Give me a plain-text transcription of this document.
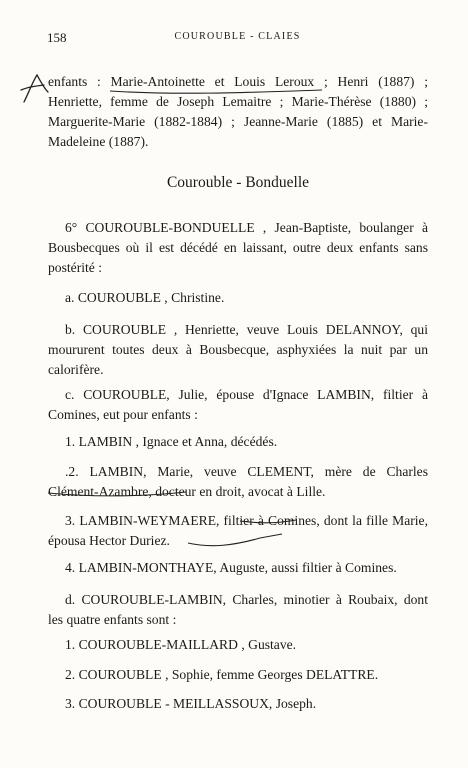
158	COUROUBLE - CLAIES

enfants : Marie-Antoinette et Louis Leroux ; Henri (1887) ; Henriette, femme de Joseph Lemaitre ; Marie-Thérèse (1880) ; Marguerite-Marie (1882-1884) ; Jeanne-Marie (1885) et Marie-Madeleine (1887).

Courouble - Bonduelle

6° COUROUBLE-BONDUELLE , Jean-Baptiste, boulanger à Bousbecques où il est décédé en laissant, outre deux enfants sans postérité :

a. COUROUBLE , Christine.

b. COUROUBLE , Henriette, veuve Louis DELANNOY, qui moururent toutes deux à Bousbecque, asphyxiées la nuit par un calorifère.

c. COUROUBLE, Julie, épouse d'Ignace LAMBIN, filtier à Comines, eut pour enfants :

1. LAMBIN , Ignace et Anna, décédés.

.2. LAMBIN, Marie, veuve CLEMENT, mère de Charles Clément-Azambre, docteur en droit, avocat à Lille.

3. LAMBIN-WEYMAERE, filtier à Comines, dont la fille Marie, épousa Hector Duriez.

4. LAMBIN-MONTHAYE, Auguste, aussi filtier à Comines.

d. COUROUBLE-LAMBIN, Charles, minotier à Roubaix, dont les quatre enfants sont :

1. COUROUBLE-MAILLARD , Gustave.

2. COUROUBLE , Sophie, femme Georges DELATTRE.

3. COUROUBLE - MEILLASSOUX, Joseph.
